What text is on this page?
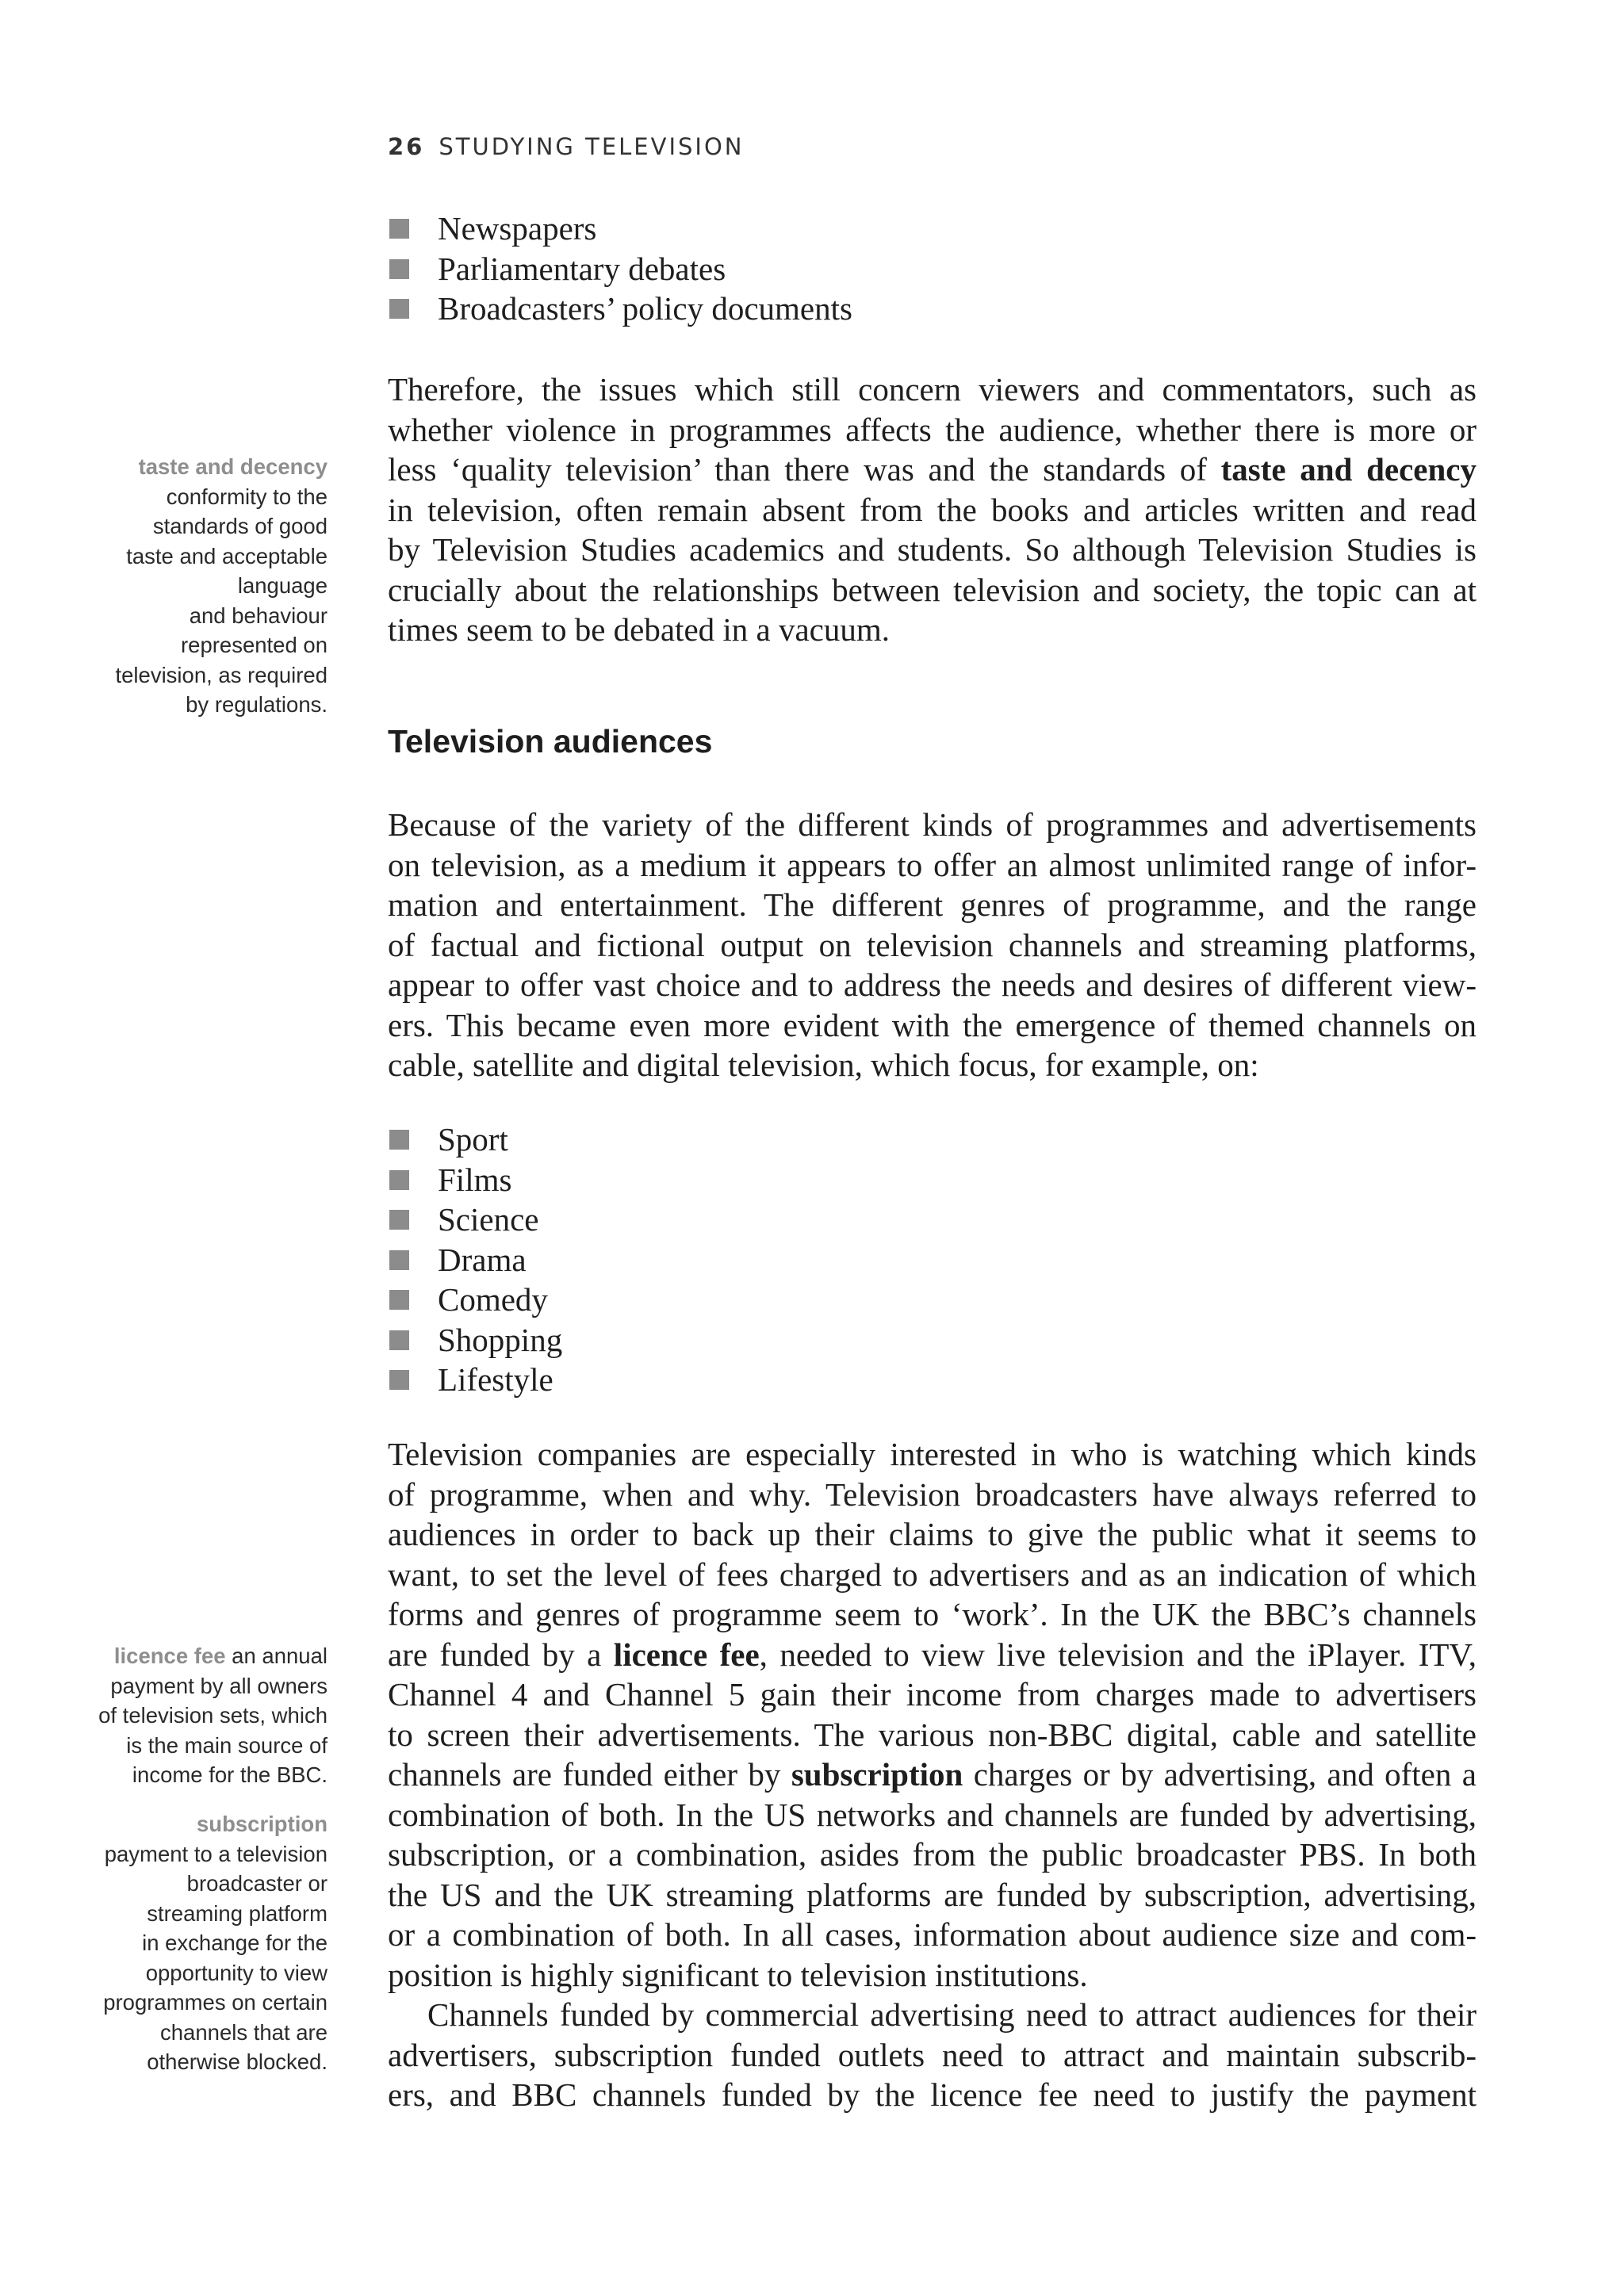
26 STUDYING TELEVISION
Newspapers
Parliamentary debates
Broadcasters’ policy documents
Therefore, the issues which still concern viewers and commentators, such as
whether violence in programmes affects the audience, whether there is more or
less ‘quality television’ than there was and the standards of taste and decency
in television, often remain absent from the books and articles written and read
by Television Studies academics and students. So although Television Studies is
crucially about the relationships between television and society, the topic can at
times seem to be debated in a vacuum.
Television audiences
Because of the variety of the different kinds of programmes and advertisements
on television, as a medium it appears to offer an almost unlimited range of infor-
mation and entertainment. The different genres of programme, and the range
of factual and fictional output on television channels and streaming platforms,
appear to offer vast choice and to address the needs and desires of different view-
ers. This became even more evident with the emergence of themed channels on
cable, satellite and digital television, which focus, for example, on:
Sport
Films
Science
Drama
Comedy
Shopping
Lifestyle
Television companies are especially interested in who is watching which kinds
of programme, when and why. Television broadcasters have always referred to
audiences in order to back up their claims to give the public what it seems to
want, to set the level of fees charged to advertisers and as an indication of which
forms and genres of programme seem to ‘work’. In the UK the BBC’s channels
are funded by a licence fee, needed to view live television and the iPlayer. ITV,
Channel 4 and Channel 5 gain their income from charges made to advertisers
to screen their advertisements. The various non-BBC digital, cable and satellite
channels are funded either by subscription charges or by advertising, and often a
combination of both. In the US networks and channels are funded by advertising,
subscription, or a combination, asides from the public broadcaster PBS. In both
the US and the UK streaming platforms are funded by subscription, advertising,
or a combination of both. In all cases, information about audience size and com-
position is highly significant to television institutions.
Channels funded by commercial advertising need to attract audiences for their
advertisers, subscription funded outlets need to attract and maintain subscrib-
ers, and BBC channels funded by the licence fee need to justify the payment
taste and decency
conformity to the
standards of good
taste and acceptable
language
and behaviour
represented on
television, as required
by regulations.
licence fee an annual
payment by all owners
of television sets, which
is the main source of
income for the BBC.
subscription
payment to a television
broadcaster or
streaming platform
in exchange for the
opportunity to view
programmes on certain
channels that are
otherwise blocked.
